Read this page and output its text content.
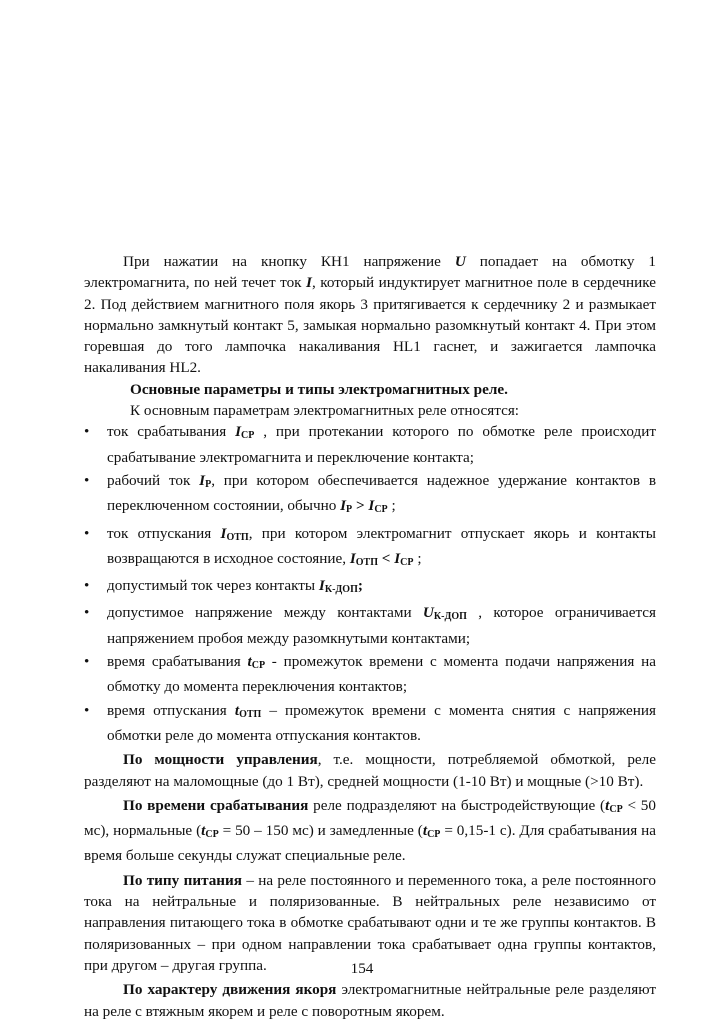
При нажатии на кнопку КН1 напряжение U попадает на обмотку 1 электромагнита, по ней течет ток I, который индуктирует магнитное поле в сердечнике 2. Под действием магнитного поля якорь 3 притягивается к сердечнику 2 и размыкает нормально замкнутый контакт 5, замыкая нормально разомкнутый контакт 4. При этом горевшая до того лампочка накаливания HL1 гаснет, и зажигается лампочка накаливания HL2.

Основные параметры и типы электромагнитных реле.

К основным параметрам электромагнитных реле относятся:

• ток срабатывания $I_{СР}$ , при протекании которого по обмотке реле происходит срабатывание электромагнита и переключение контакта;
• рабочий ток $I_Р$, при котором обеспечивается надежное удержание контактов в переключенном состоянии, обычно $I_Р > I_{СР}$ ;
• ток отпускания $I_{ОТП}$, при котором электромагнит отпускает якорь и контакты возвращаются в исходное состояние, $I_{ОТП} < I_{СР}$ ;
• допустимый ток через контакты $I_{К-ДОП}$;
• допустимое напряжение между контактами $U_{К-ДОП}$ , которое ограничивается напряжением пробоя между разомкнутыми контактами;
• время срабатывания $t_{СР}$ - промежуток времени с момента подачи напряжения на обмотку до момента переключения контактов;
• время отпускания $t_{ОТП}$ – промежуток времени с момента снятия с напряжения обмотки реле до момента отпускания контактов.

По мощности управления, т.е. мощности, потребляемой обмоткой, реле разделяют на маломощные (до 1 Вт), средней мощности (1-10 Вт) и мощные (>10 Вт).

По времени срабатывания реле подразделяют на быстродействующие ($t_{СР} < 50$ мс), нормальные ($t_{СР} = 50 - 150$ мс) и замедленные ($t_{СР} = 0,15-1$ с). Для срабатывания на время больше секунды служат специальные реле.

По типу питания – на реле постоянного и переменного тока, а реле постоянного тока на нейтральные и поляризованные. В нейтральных реле независимо от направления питающего тока в обмотке срабатывают одни и те же группы контактов. В поляризованных – при одном направлении тока срабатывает одна группы контактов, при другом – другая группа.

По характеру движения якоря электромагнитные нейтральные реле разделяют на реле с втяжным якорем и реле с поворотным якорем.

154
